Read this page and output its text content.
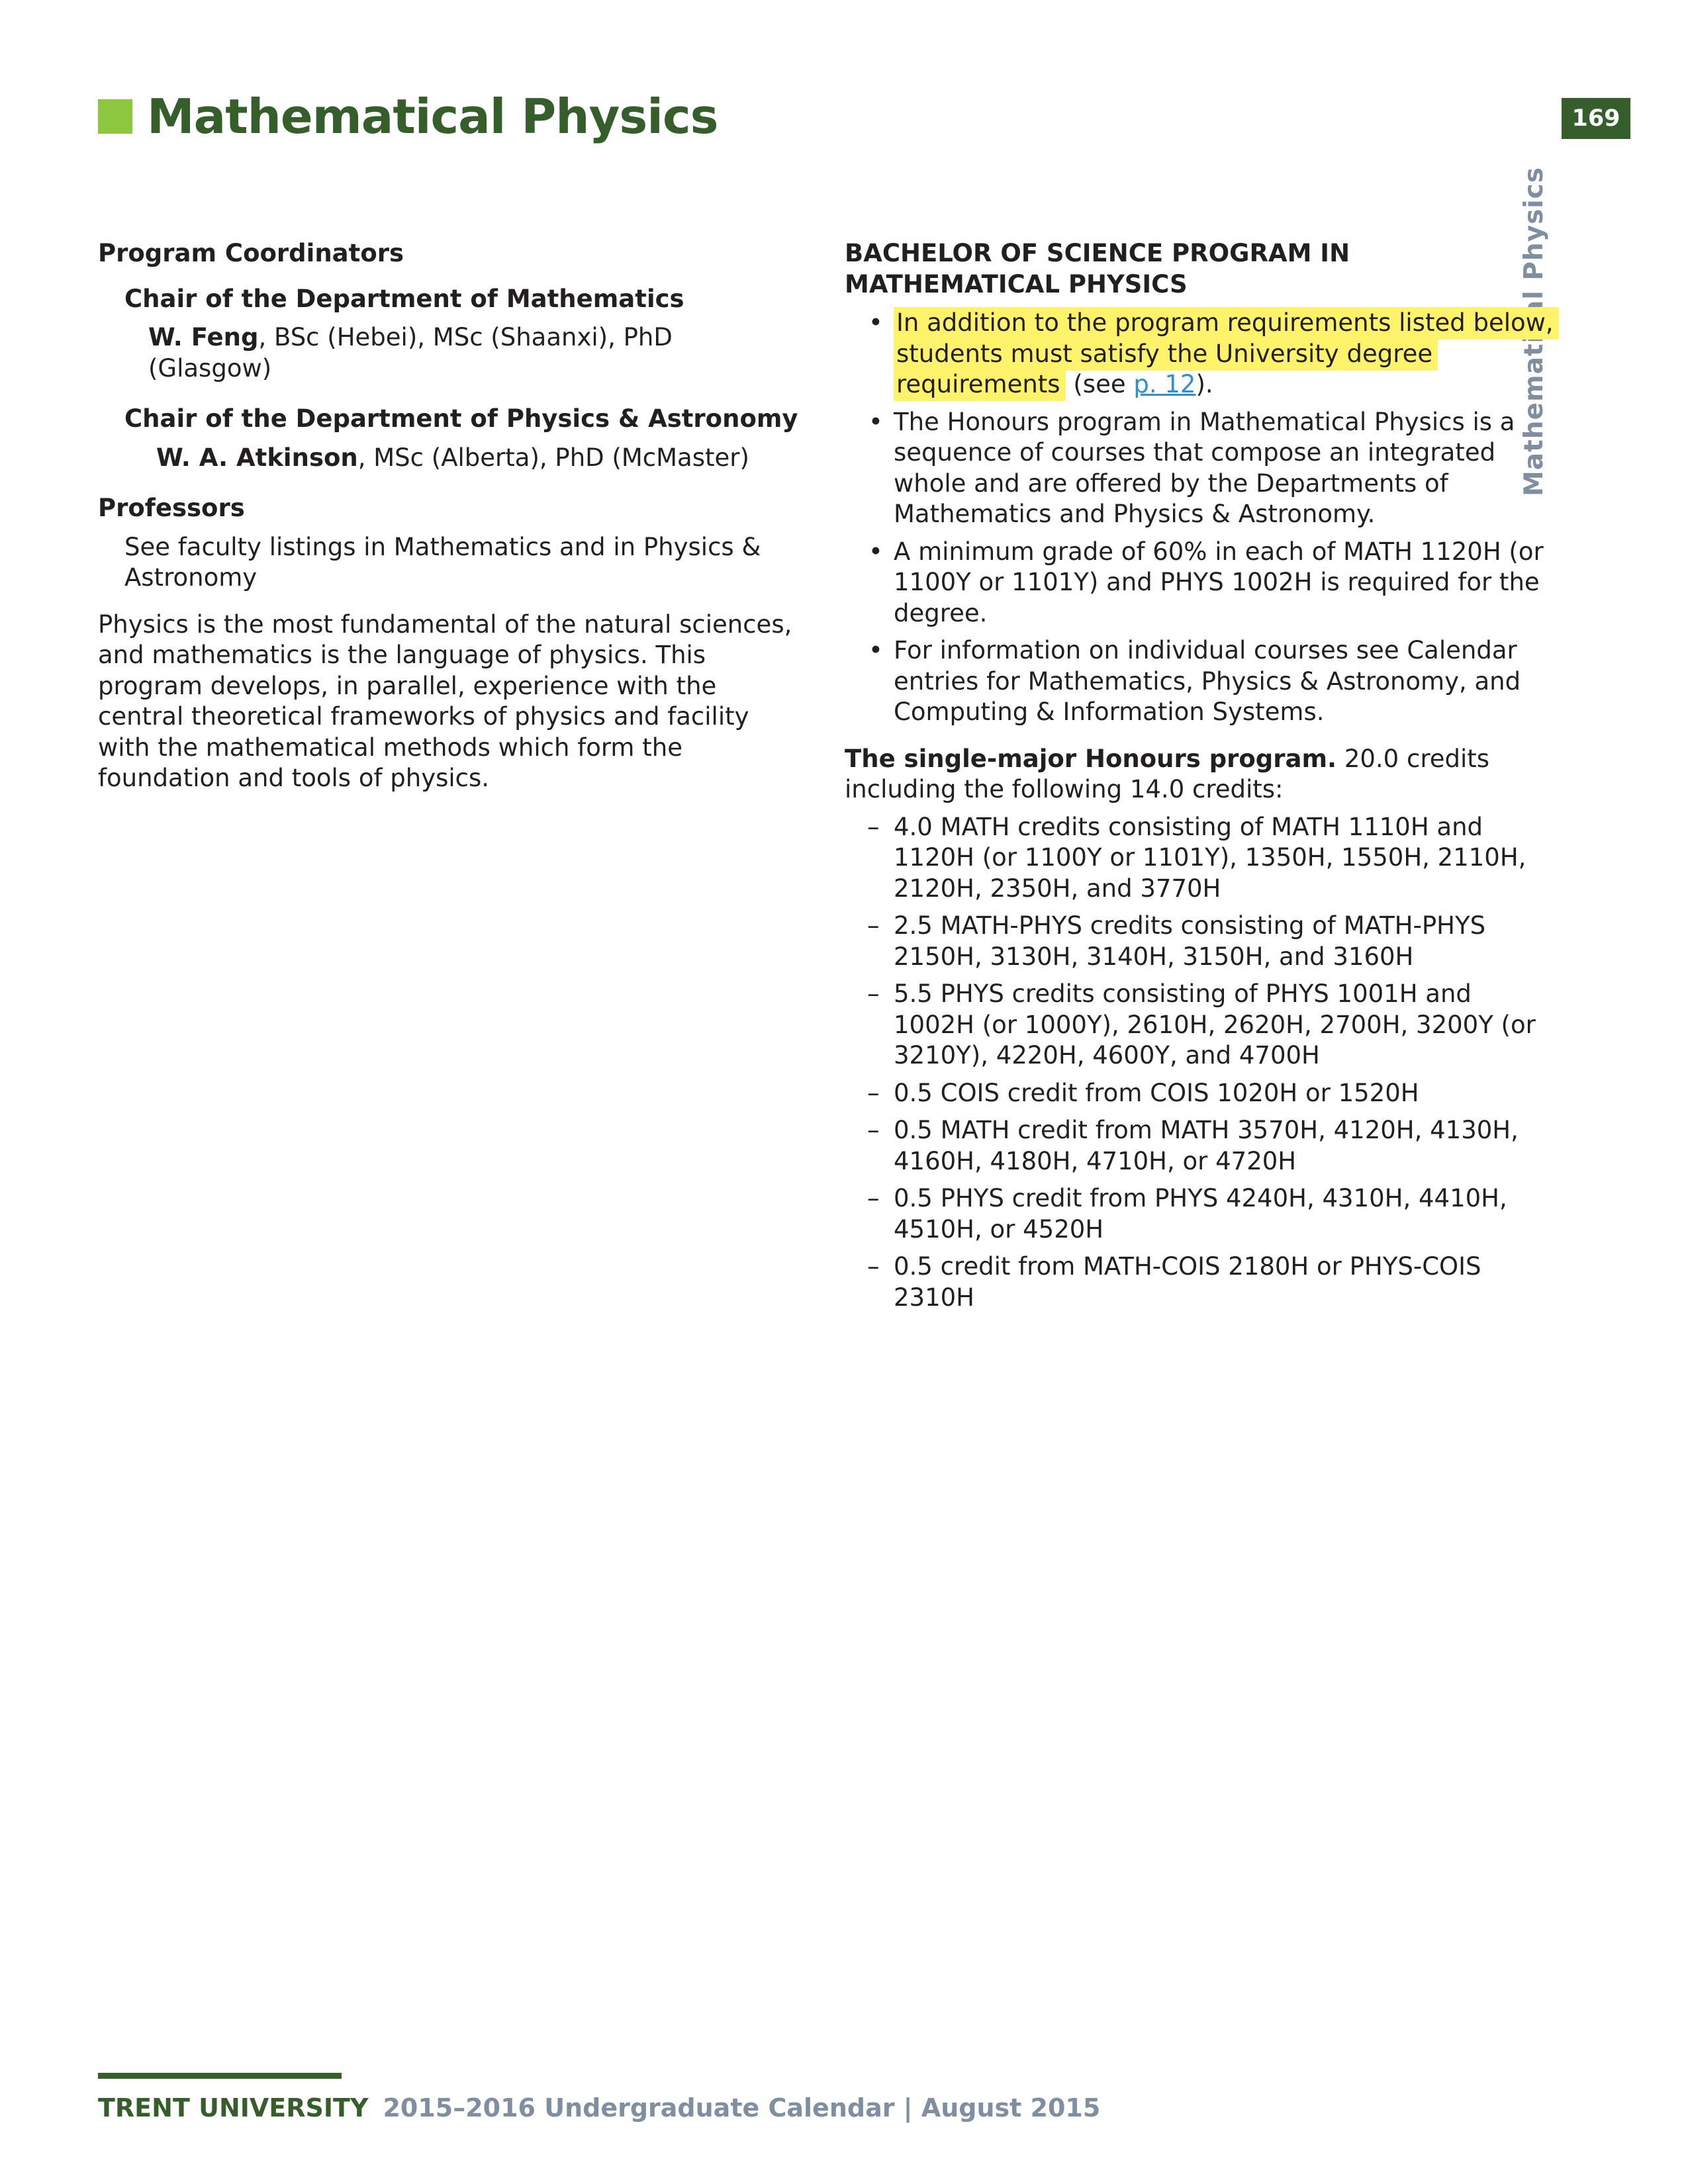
Mathematical Physics	169

Program Coordinators

Chair of the Department of Mathematics

W. Feng, BSc (Hebei), MSc (Shaanxi), PhD (Glasgow)

Chair of the Department of Physics & Astronomy

W. A. Atkinson, MSc (Alberta), PhD (McMaster)

Professors

See faculty listings in Mathematics and in Physics & Astronomy

Physics is the most fundamental of the natural sciences, and mathematics is the language of physics. This program develops, in parallel, experience with the central theoretical frameworks of physics and facility with the mathematical methods which form the foundation and tools of physics.

BACHELOR OF SCIENCE PROGRAM IN MATHEMATICAL PHYSICS

• In addition to the program requirements listed below, students must satisfy the University degree requirements (see p. 12).
• The Honours program in Mathematical Physics is a sequence of courses that compose an integrated whole and are offered by the Departments of Mathematics and Physics & Astronomy.
• A minimum grade of 60% in each of MATH 1120H (or 1100Y or 1101Y) and PHYS 1002H is required for the degree.
• For information on individual courses see Calendar entries for Mathematics, Physics & Astronomy, and Computing & Information Systems.

The single-major Honours program. 20.0 credits including the following 14.0 credits:

– 4.0 MATH credits consisting of MATH 1110H and 1120H (or 1100Y or 1101Y), 1350H, 1550H, 2110H, 2120H, 2350H, and 3770H
– 2.5 MATH-PHYS credits consisting of MATH-PHYS 2150H, 3130H, 3140H, 3150H, and 3160H
– 5.5 PHYS credits consisting of PHYS 1001H and 1002H (or 1000Y), 2610H, 2620H, 2700H, 3200Y (or 3210Y), 4220H, 4600Y, and 4700H
– 0.5 COIS credit from COIS 1020H or 1520H
– 0.5 MATH credit from MATH 3570H, 4120H, 4130H, 4160H, 4180H, 4710H, or 4720H
– 0.5 PHYS credit from PHYS 4240H, 4310H, 4410H, 4510H, or 4520H
– 0.5 credit from MATH-COIS 2180H or PHYS-COIS 2310H
TRENT UNIVERSITY 2015–2016 Undergraduate Calendar | August 2015
